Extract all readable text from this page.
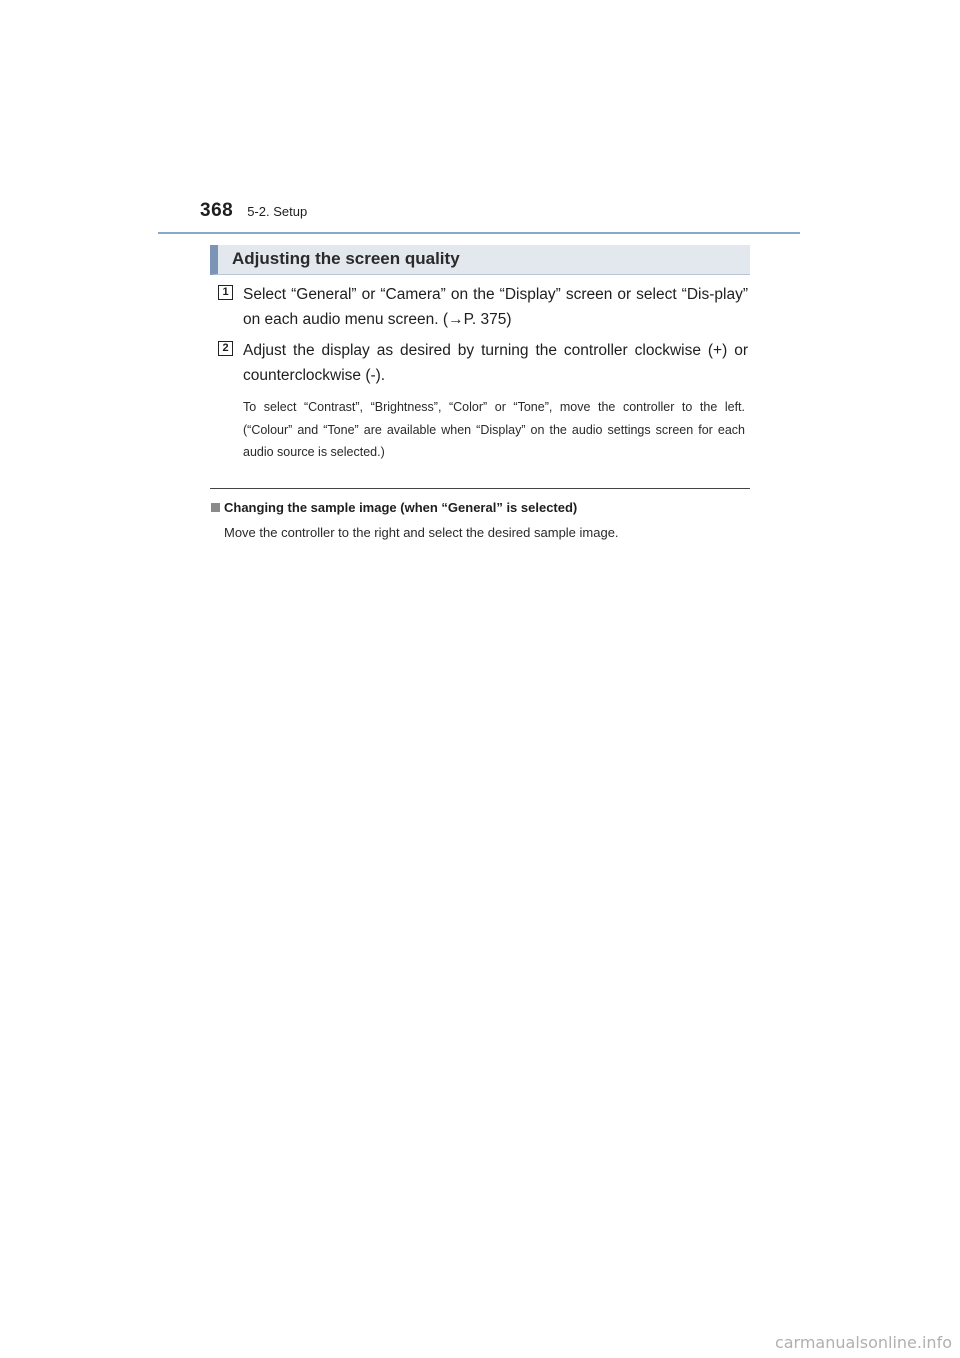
368 5-2. Setup
Adjusting the screen quality
1 Select “General” or “Camera” on the “Display” screen or select “Dis-play” on each audio menu screen. (→P. 375)
2 Adjust the display as desired by turning the controller clockwise (+) or counterclockwise (-).
To select “Contrast”, “Brightness”, “Color” or “Tone”, move the controller to the left. (“Colour” and “Tone” are available when “Display” on the audio settings screen for each audio source is selected.)
Changing the sample image (when “General” is selected)
Move the controller to the right and select the desired sample image.
carmanualsonline.info
